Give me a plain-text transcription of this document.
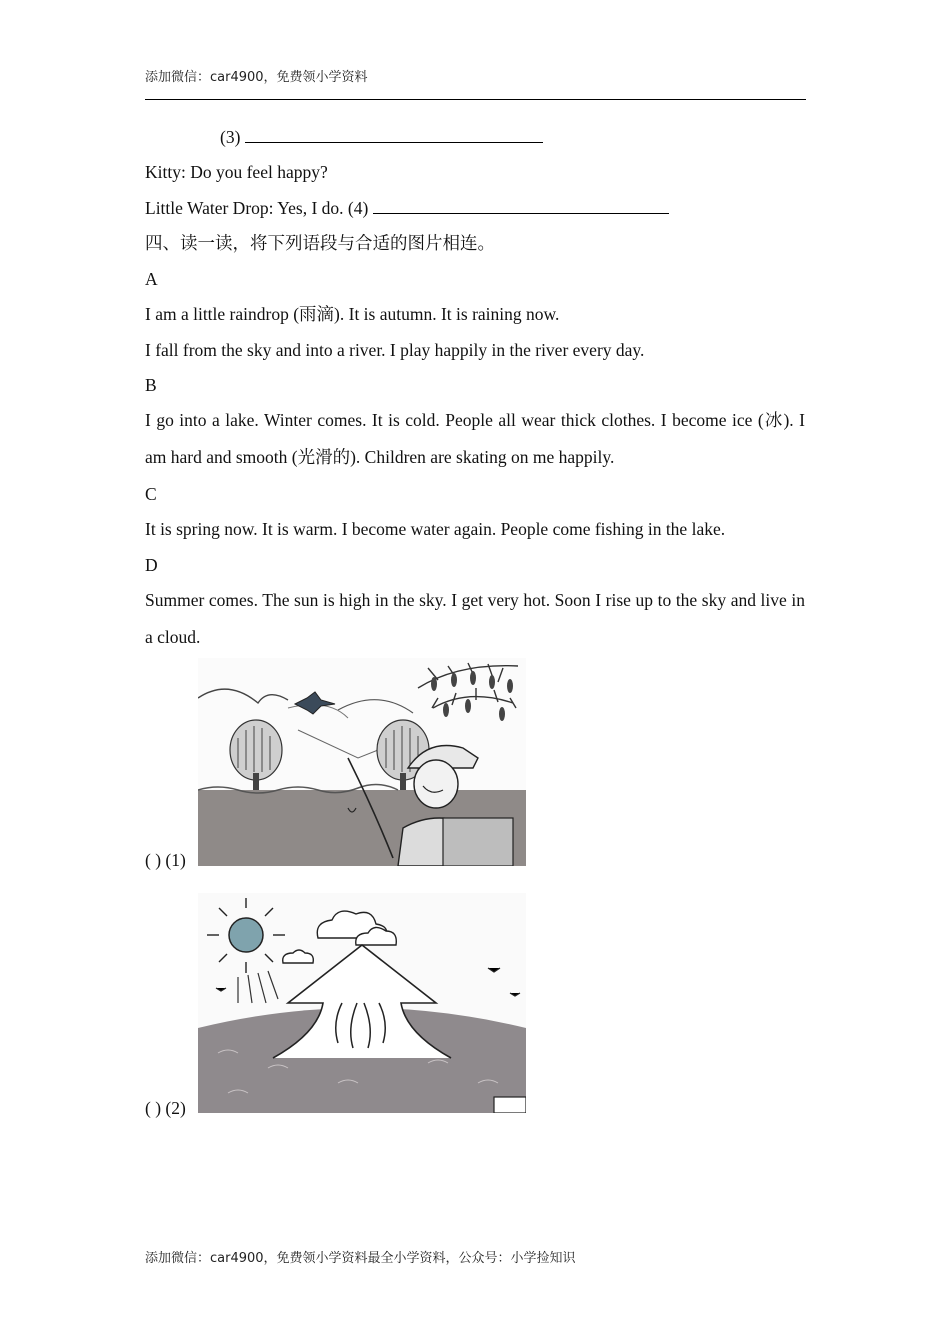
添加微信：car4900，免费领小学资料
(3)
Kitty: Do you feel happy?
Little Water Drop: Yes, I do. (4)
四、读一读，将下列语段与合适的图片相连。
A
I am a little raindrop (雨滴). It is autumn. It is raining now.
I fall from the sky and into a river. I play happily in the river every day.
B
I go into a lake. Winter comes. It is cold. People all wear thick clothes. I become ice (冰). I am hard and smooth (光滑的). Children are skating on me happily.
C
It is spring now. It is warm. I become water again. People come fishing in the lake.
D
Summer comes. The sun is high in the sky. I get very hot. Soon I rise up to the sky and live in a cloud.
( ) (1)
( ) (2)
添加微信：car4900，免费领小学资料最全小学资料，公众号：小学捡知识
